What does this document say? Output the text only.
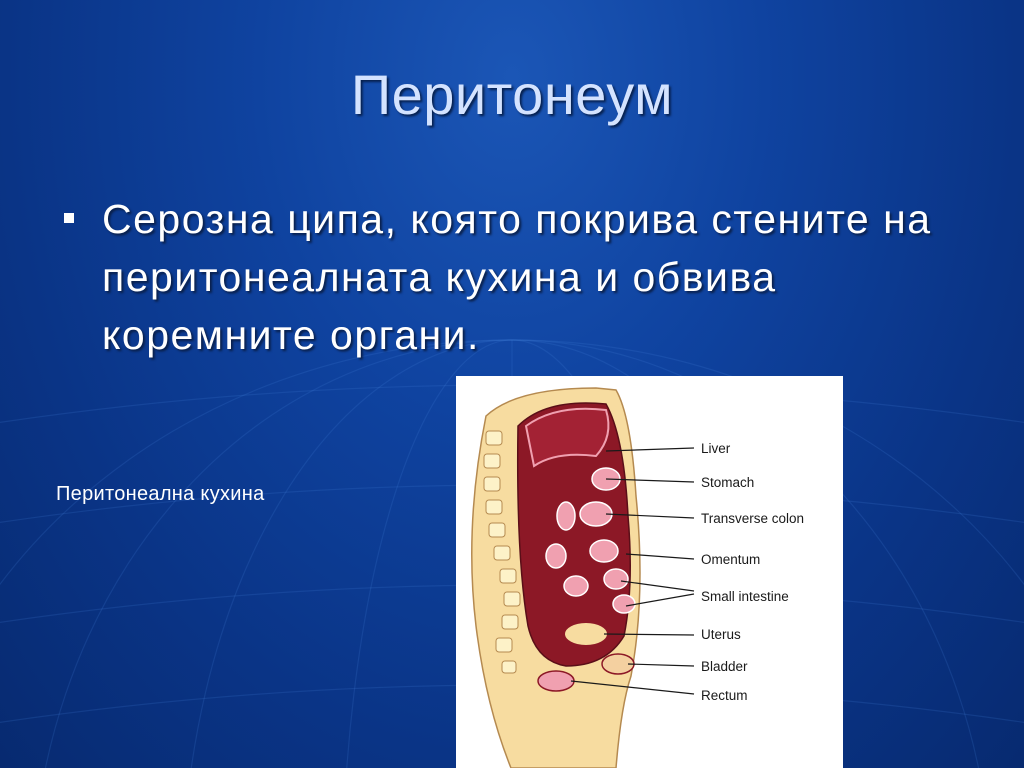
Перитонеум
Серозна ципа, която покрива стените на перитонеалната кухина и обвива коремните органи.
Перитонеална кухина
Liver
Stomach
Transverse colon
Omentum
Small intestine
Uterus
Bladder
Rectum
